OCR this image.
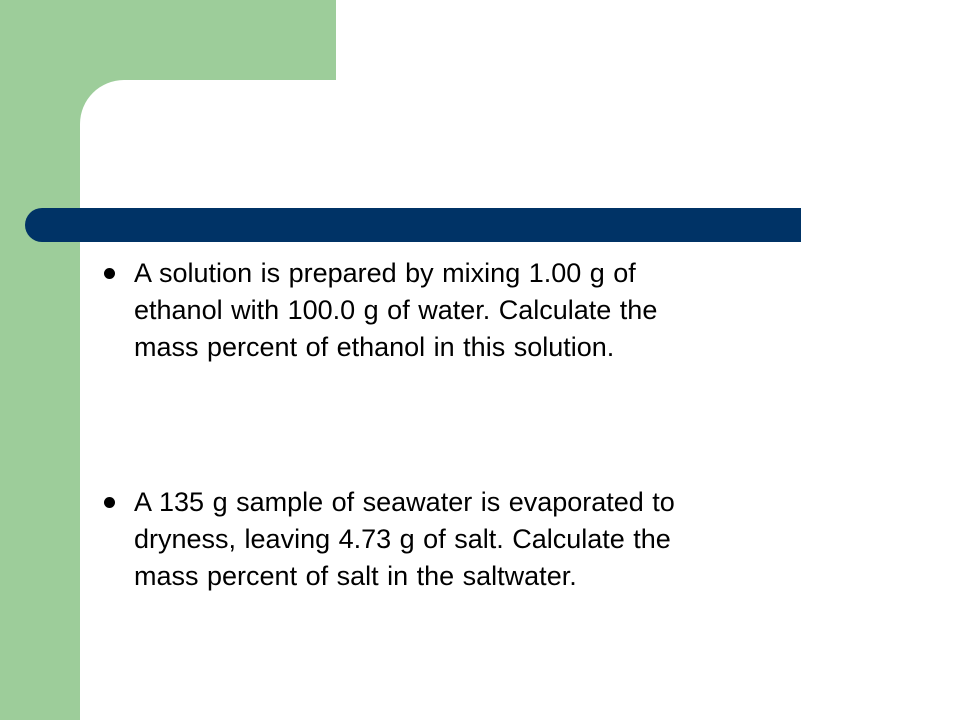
A solution is prepared by mixing 1.00 g of
ethanol with 100.0 g of water. Calculate the
mass percent of ethanol in this solution.
A 135 g sample of seawater is evaporated to
dryness, leaving 4.73 g of salt. Calculate the
mass percent of salt in the saltwater.
